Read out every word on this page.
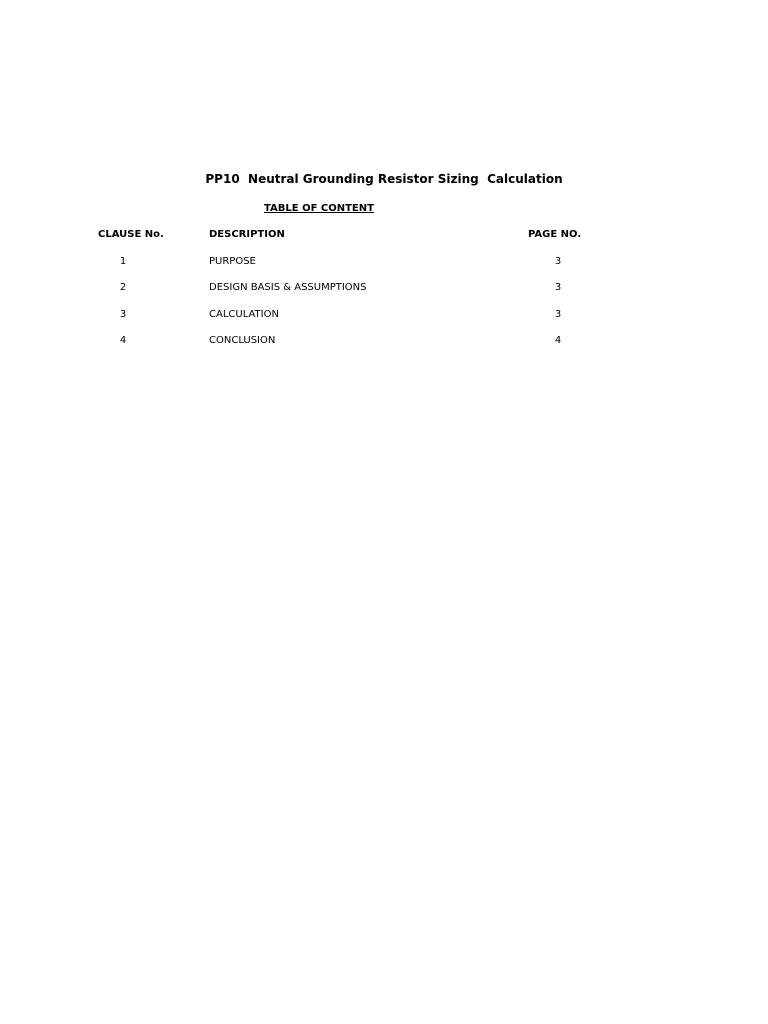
PP10  Neutral Grounding Resistor Sizing  Calculation
TABLE OF CONTENT
CLAUSE No.	DESCRIPTION	PAGE NO.
1	PURPOSE	3
2	DESIGN BASIS & ASSUMPTIONS	3
3	CALCULATION	3
4	CONCLUSION	4
